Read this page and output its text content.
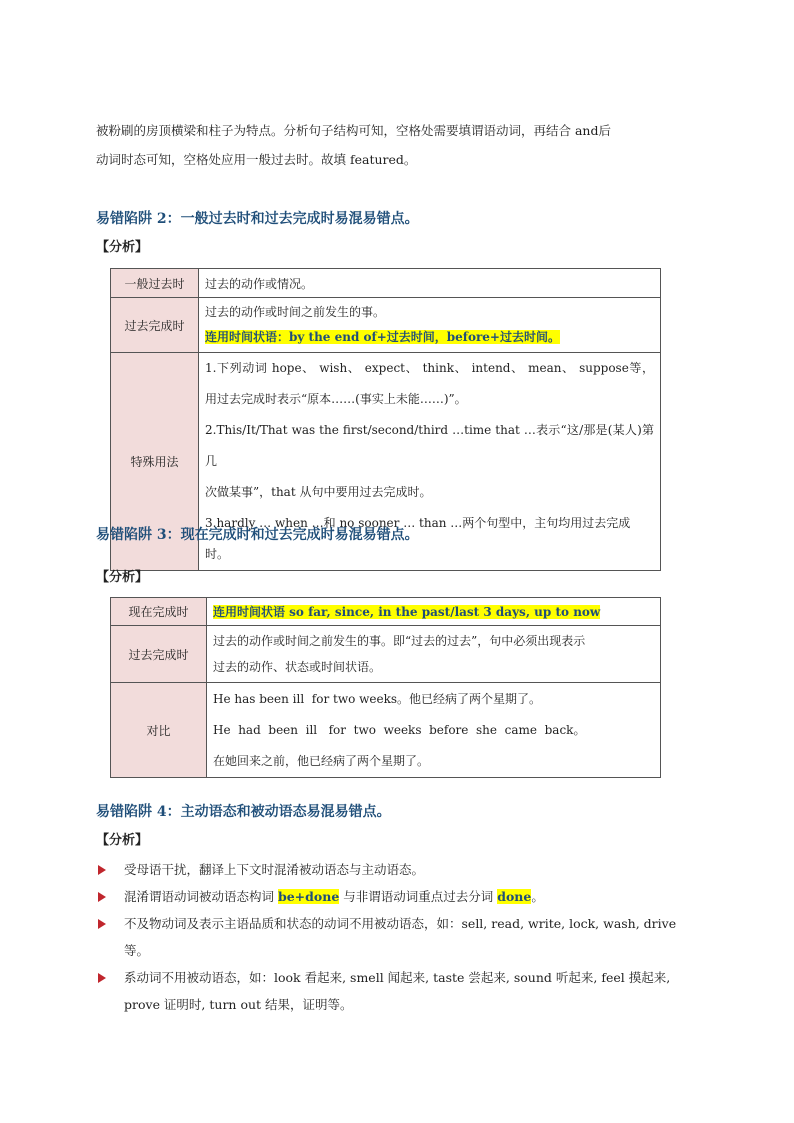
被粉刷的房顶横梁和柱子为特点。分析句子结构可知，空格处需要填谓语动词，再结合 and后
动词时态可知，空格处应用一般过去时。故填 featured。
易错陷阱 2：一般过去时和过去完成时易混易错点。
【分析】
一般过去时	过去的动作或情况。
过去完成时	过去的动作或时间之前发生的事。
连用时间状语：by the end of+过去时间，before+过去时间。

特殊用法	1.下列动词 hope、 wish、 expect、 think、 intend、 mean、 suppose等，
用过去完成时表示“原本……(事实上未能……)”。
2.This/It/That was the first/second/third …time that …表示“这/那是(某人)第几
次做某事”，that 从句中要用过去完成时。
3.hardly … when …和 no sooner … than …两个句型中，主句均用过去完成时。
易错陷阱 3：现在完成时和过去完成时易混易错点。
【分析】
现在完成时	连用时间状语 so far, since, in the past/last 3 days, up to now
过去完成时	过去的动作或时间之前发生的事。即“过去的过去”，句中必须出现表示
过去的动作、状态或时间状语。

对比	He has been ill  for two weeks。他已经病了两个星期了。
He  had  been  ill   for  two  weeks  before  she  came  back。
在她回来之前，他已经病了两个星期了。
易错陷阱 4：主动语态和被动语态易混易错点。
【分析】
受母语干扰，翻译上下文时混淆被动语态与主动语态。
混淆谓语动词被动语态构词 be+done 与非谓语动词重点过去分词 done。
不及物动词及表示主语品质和状态的动词不用被动语态，如：sell, read, write, lock, wash, drive 等。
系动词不用被动语态，如：look 看起来, smell 闻起来, taste 尝起来, sound 听起来, feel 摸起来, prove 证明时, turn out 结果，证明等。
